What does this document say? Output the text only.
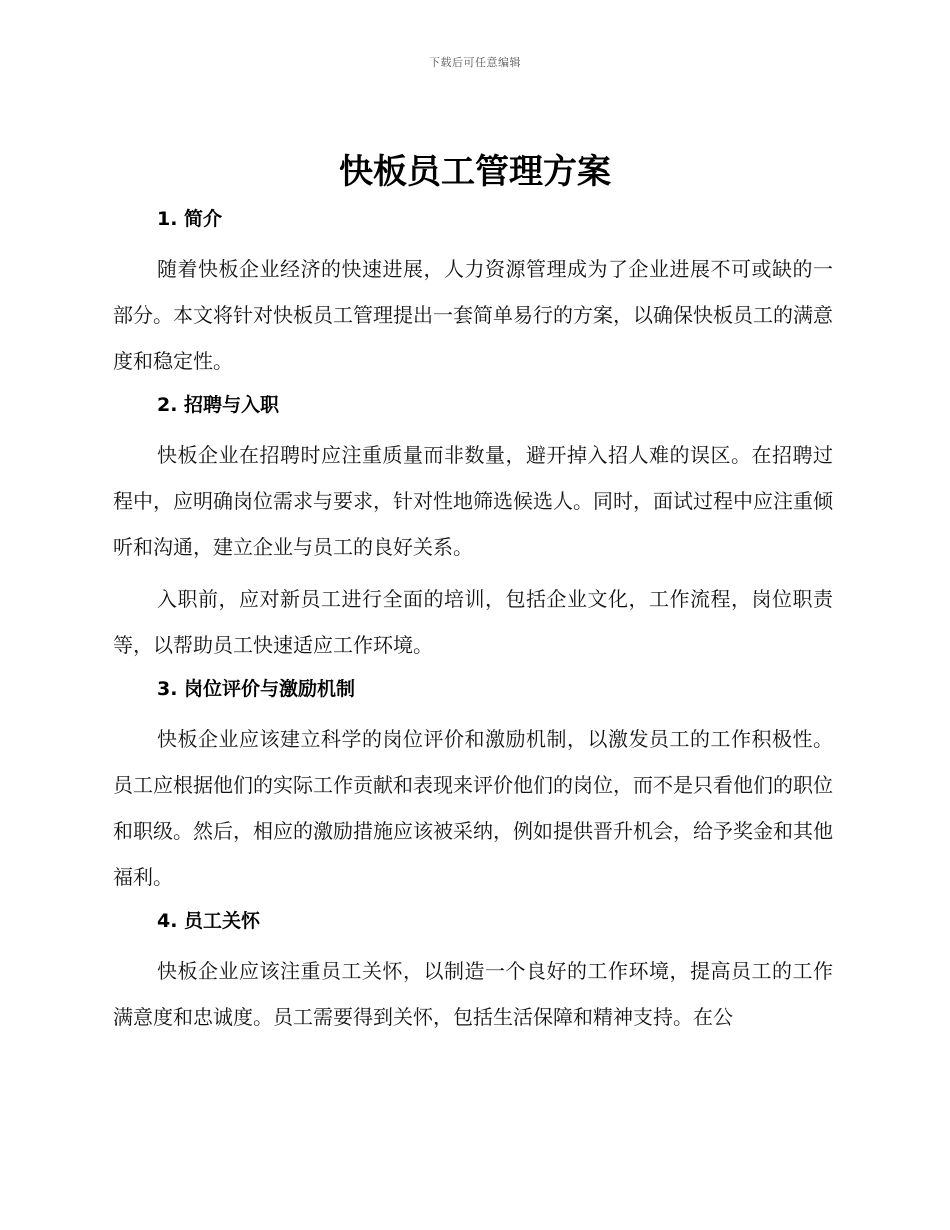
下载后可任意编辑
快板员工管理方案
1. 简介

随着快板企业经济的快速进展，人力资源管理成为了企业进展不可或缺的一部分。本文将针对快板员工管理提出一套简单易行的方案，以确保快板员工的满意度和稳定性。

2. 招聘与入职

快板企业在招聘时应注重质量而非数量，避开掉入招人难的误区。在招聘过程中，应明确岗位需求与要求，针对性地筛选候选人。同时，面试过程中应注重倾听和沟通，建立企业与员工的良好关系。

入职前，应对新员工进行全面的培训，包括企业文化，工作流程，岗位职责等，以帮助员工快速适应工作环境。

3. 岗位评价与激励机制

快板企业应该建立科学的岗位评价和激励机制，以激发员工的工作积极性。员工应根据他们的实际工作贡献和表现来评价他们的岗位，而不是只看他们的职位和职级。然后，相应的激励措施应该被采纳，例如提供晋升机会，给予奖金和其他福利。

4. 员工关怀

快板企业应该注重员工关怀，以制造一个良好的工作环境，提高员工的工作满意度和忠诚度。员工需要得到关怀，包括生活保障和精神支持。在公
